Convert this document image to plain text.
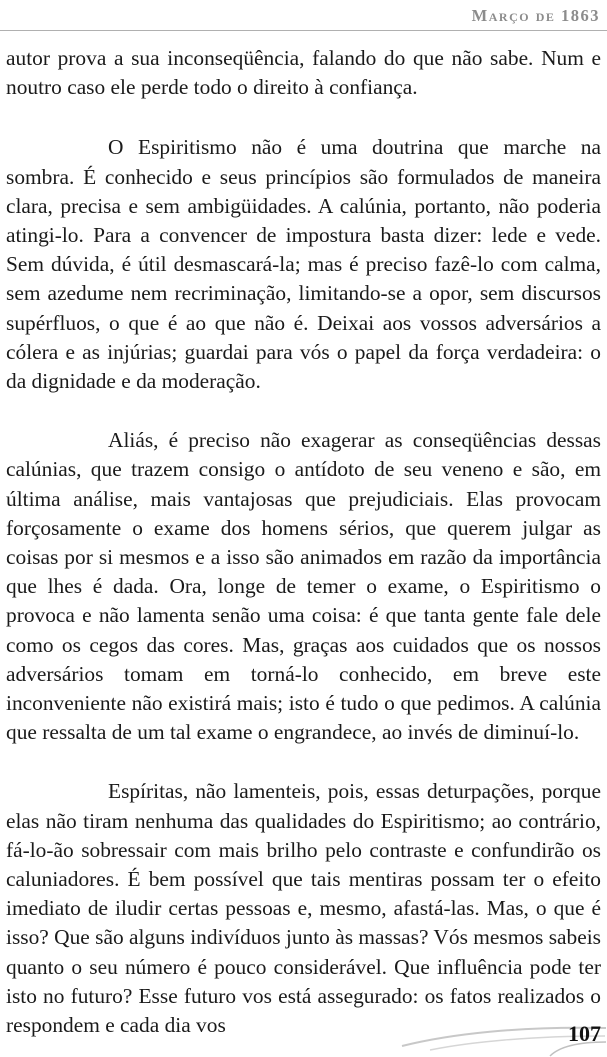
Março de 1863

autor prova a sua inconseqüência, falando do que não sabe. Num e noutro caso ele perde todo o direito à confiança.

O Espiritismo não é uma doutrina que marche na sombra. É conhecido e seus princípios são formulados de maneira clara, precisa e sem ambigüidades. A calúnia, portanto, não poderia atingi-lo. Para a convencer de impostura basta dizer: lede e vede. Sem dúvida, é útil desmascará-la; mas é preciso fazê-lo com calma, sem azedume nem recriminação, limitando-se a opor, sem discursos supérfluos, o que é ao que não é. Deixai aos vossos adversários a cólera e as injúrias; guardai para vós o papel da força verdadeira: o da dignidade e da moderação.

Aliás, é preciso não exagerar as conseqüências dessas calúnias, que trazem consigo o antídoto de seu veneno e são, em última análise, mais vantajosas que prejudiciais. Elas provocam forçosamente o exame dos homens sérios, que querem julgar as coisas por si mesmos e a isso são animados em razão da importância que lhes é dada. Ora, longe de temer o exame, o Espiritismo o provoca e não lamenta senão uma coisa: é que tanta gente fale dele como os cegos das cores. Mas, graças aos cuidados que os nossos adversários tomam em torná-lo conhecido, em breve este inconveniente não existirá mais; isto é tudo o que pedimos. A calúnia que ressalta de um tal exame o engrandece, ao invés de diminuí-lo.

Espíritas, não lamenteis, pois, essas deturpações, porque elas não tiram nenhuma das qualidades do Espiritismo; ao contrário, fá-lo-ão sobressair com mais brilho pelo contraste e confundirão os caluniadores. É bem possível que tais mentiras possam ter o efeito imediato de iludir certas pessoas e, mesmo, afastá-las. Mas, o que é isso? Que são alguns indivíduos junto às massas? Vós mesmos sabeis quanto o seu número é pouco considerável. Que influência pode ter isto no futuro? Esse futuro vos está assegurado: os fatos realizados o respondem e cada dia vos	107
